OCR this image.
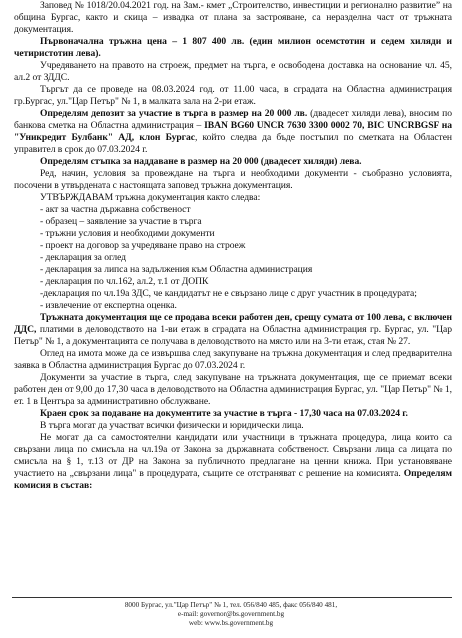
Заповед № 1018/20.04.2021 год. на Зам.- кмет „Строителство, инвестиции и регионално развитие” на община Бургас, както и скица – извадка от плана за застрояване, са неразделна част от тръжната документация.

Първоначална тръжна цена – 1 807 400 лв. (един милион осемстотин и седем хиляди и четиристотин лева).

Учредяването на правото на строеж, предмет на търга, е освободена доставка на основание чл. 45, ал.2 от ЗДДС.

Търгът да се проведе на 08.03.2024 год. от 11.00 часа, в сградата на Областна администрация гр.Бургас, ул."Цар Петър" № 1, в малката зала на 2-ри етаж.

Определям депозит за участие в търга в размер на 20 000 лв. (двадесет хиляди лева), вносим по банкова сметка на Областна администрация – IBAN BG60 UNCR 7630 3300 0002 70, BIC UNCRBGSF на "Уникредит Булбанк" АД, клон Бургас, който следва да бъде постъпил по сметката на Областен управител в срок до 07.03.2024 г.

Определям стъпка за наддаване в размер на 20 000 (двадесет хиляди) лева.

Ред, начин, условия за провеждане на търга и необходими документи - съобразно условията, посочени в утвърдената с настоящата заповед тръжна документация.

УТВЪРЖДАВАМ тръжна документация както следва:

- акт за частна държавна собственост

- образец – заявление за участие в търга

- тръжни условия и необходими документи

- проект на договор за учредяване право на строеж

- декларация за оглед

- декларация за липса на задължения към Областна администрация

- декларация по чл.162, ал.2, т.1 от ДОПК

-декларация по чл.19а ЗДС, че кандидатът не е свързано лице с друг участник в процедурата;

- извлечение от експертна оценка.

Тръжната документация ще се продава всеки работен ден, срещу сумата от 100 лева, с включен ДДС, платими в деловодството на 1-ви етаж в сградата на Областна администрация гр. Бургас, ул. "Цар Петър" № 1, а документацията се получава в деловодството на място или на 3-ти етаж, стая № 27.

Оглед на имота може да се извършва след закупуване на тръжна документация и след предварителна заявка в Областна администрация Бургас до 07.03.2024 г.

Документи за участие в търга, след закупуване на тръжната документация, ще се приемат всеки работен ден от 9,00 до 17,30 часа в деловодството на Областна администрация Бургас, ул. "Цар Петър" № 1, ет. 1 в Центъра за административно обслужване.

Краен срок за подаване на документите за участие в търга - 17,30 часа на 07.03.2024 г.

В търга могат да участват всички физически и юридически лица.

Не могат да са самостоятелни кандидати или участници в тръжната процедура, лица които са свързани лица по смисъла на чл.19а от Закона за държавната собственост. Свързани лица са лицата по смисъла на § 1, т.13 от ДР на Закона за публичното предлагане на ценни книжа. При установяване участието на „свързани лица" в процедурата, същите се отстраняват с решение на комисията. Определям комисия в състав:

8000 Бургас, ул."Цар Петър" № 1, тел. 056/840 485, факс 056/840 481,
e-mail: governor@bs.government.bg
web: www.bs.government.bg
